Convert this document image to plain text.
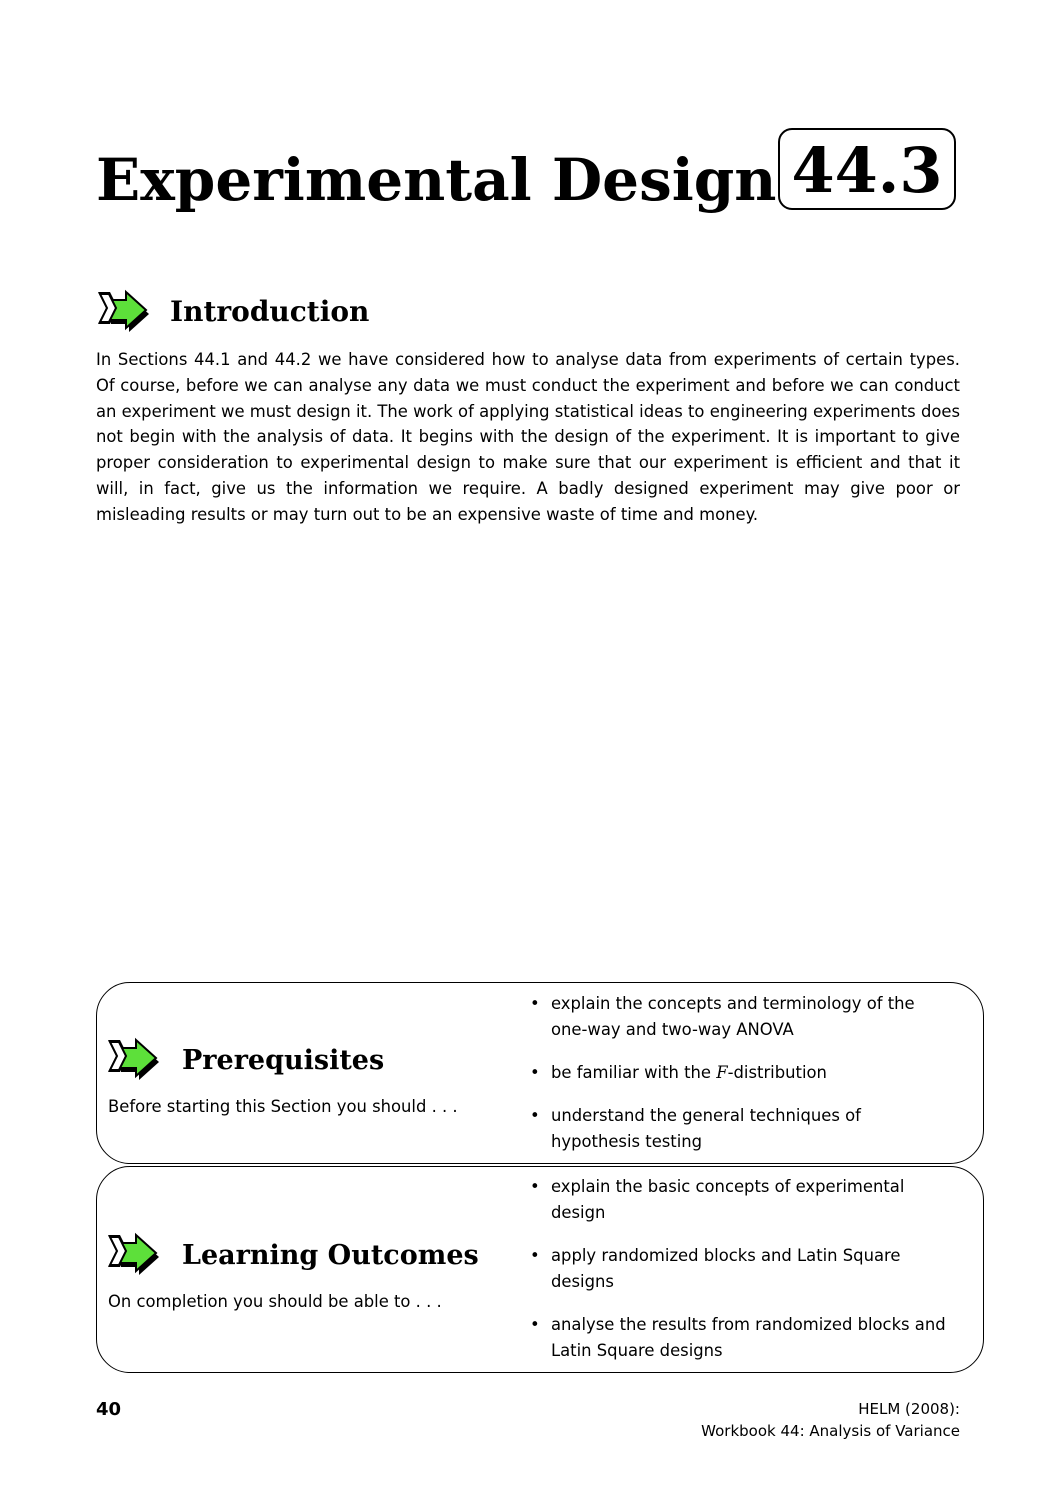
Experimental Design 44.3
Introduction

In Sections 44.1 and 44.2 we have considered how to analyse data from experiments of certain types. Of course, before we can analyse any data we must conduct the experiment and before we can conduct an experiment we must design it. The work of applying statistical ideas to engineering experiments does not begin with the analysis of data. It begins with the design of the experiment. It is important to give proper consideration to experimental design to make sure that our experiment is efficient and that it will, in fact, give us the information we require. A badly designed experiment may give poor or misleading results or may turn out to be an expensive waste of time and money.

Prerequisites
Before starting this Section you should . . .
• explain the concepts and terminology of the one-way and two-way ANOVA
• be familiar with the F-distribution
• understand the general techniques of hypothesis testing
Learning Outcomes
On completion you should be able to . . .
• explain the basic concepts of experimental design
• apply randomized blocks and Latin Square designs
• analyse the results from randomized blocks and Latin Square designs
40	HELM (2008):
Workbook 44: Analysis of Variance
